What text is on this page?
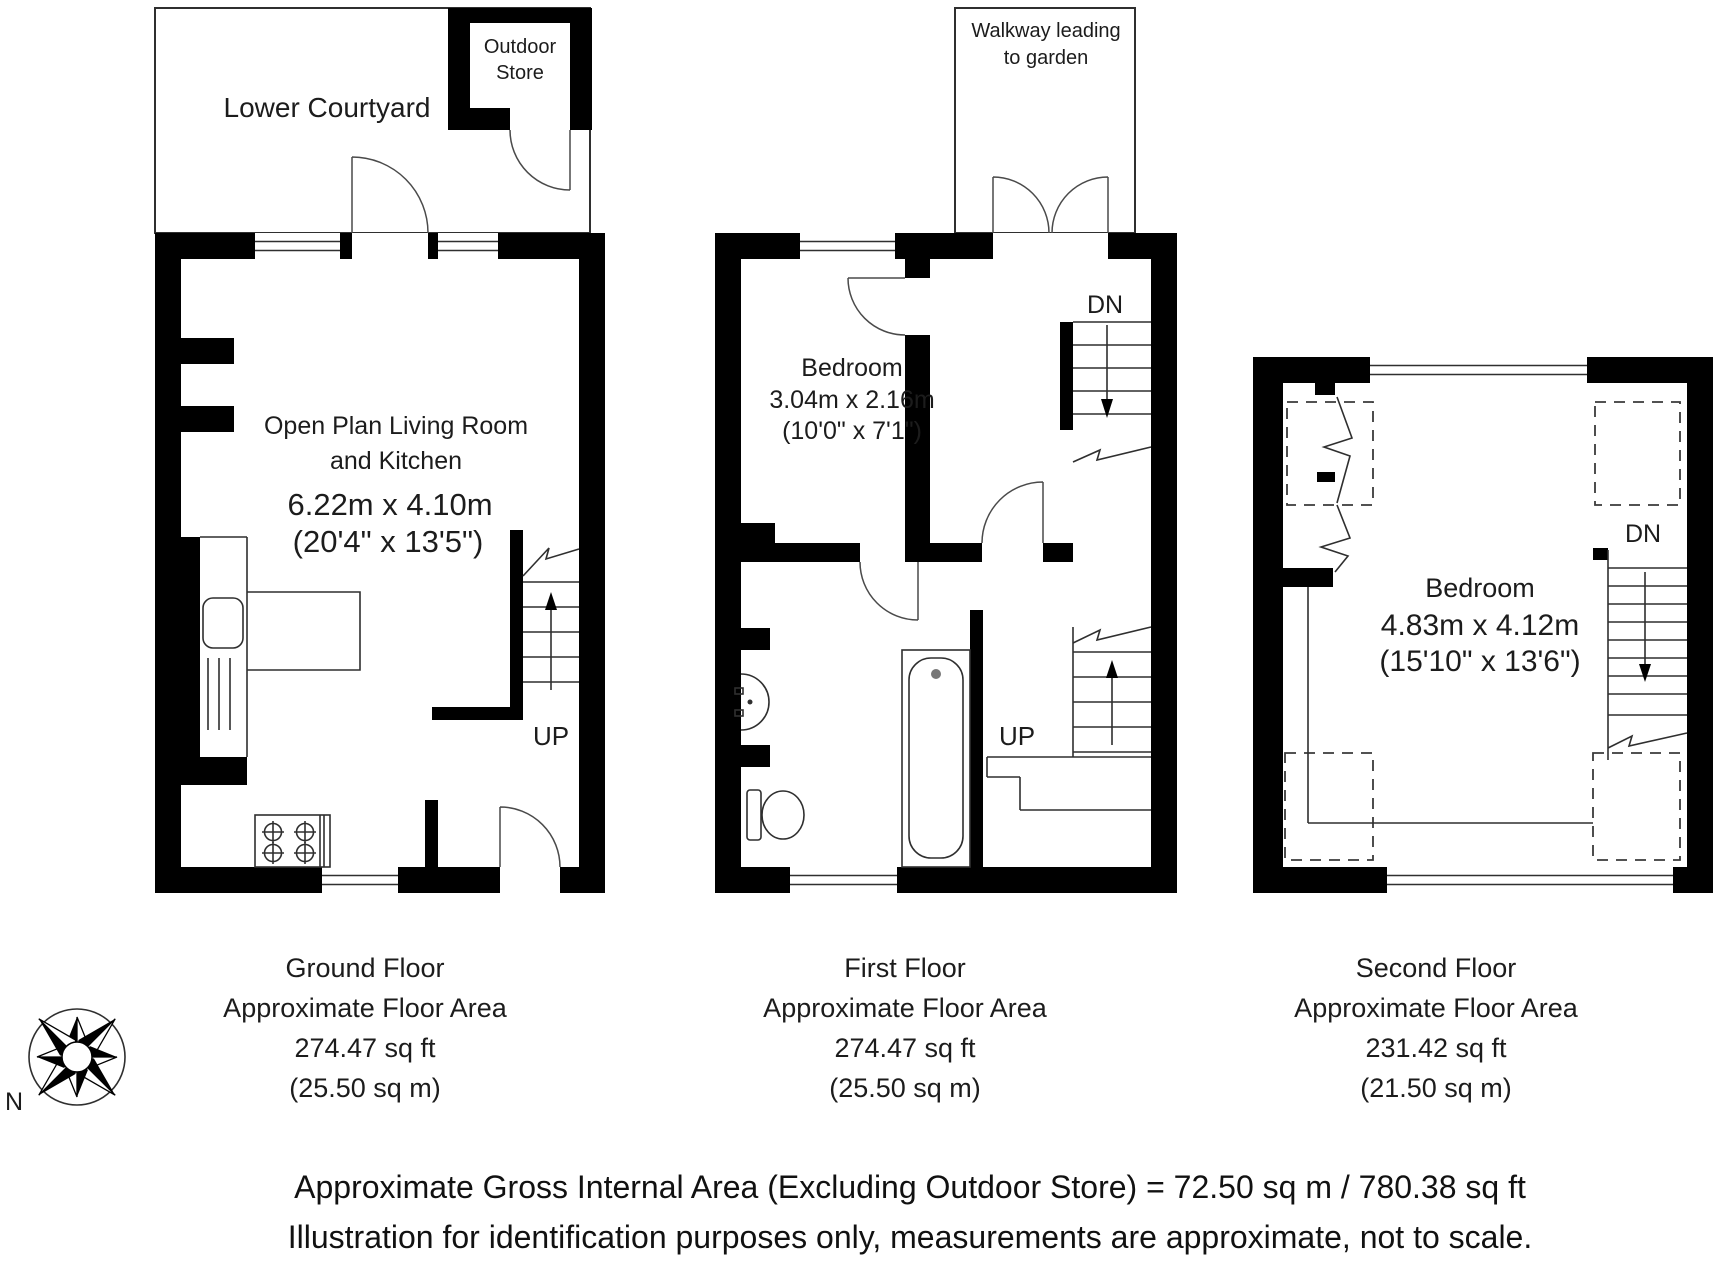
Lower Courtyard
Outdoor
Store
Open Plan Living Room
and Kitchen
6.22m x 4.10m
(20'4" x 13'5")
UP
Walkway leading
to garden
Bedroom
3.04m x 2.16m
(10'0" x 7'1")
DN
UP
Bedroom
4.83m x 4.12m
(15'10" x 13'6")
DN
Ground Floor
Approximate Floor Area
274.47 sq ft
(25.50 sq m)
First Floor
Approximate Floor Area
274.47 sq ft
(25.50 sq m)
Second Floor
Approximate Floor Area
231.42 sq ft
(21.50 sq m)
N
Approximate Gross Internal Area (Excluding Outdoor Store) = 72.50 sq m / 780.38 sq ft
Illustration for identification purposes only, measurements are approximate, not to scale.
